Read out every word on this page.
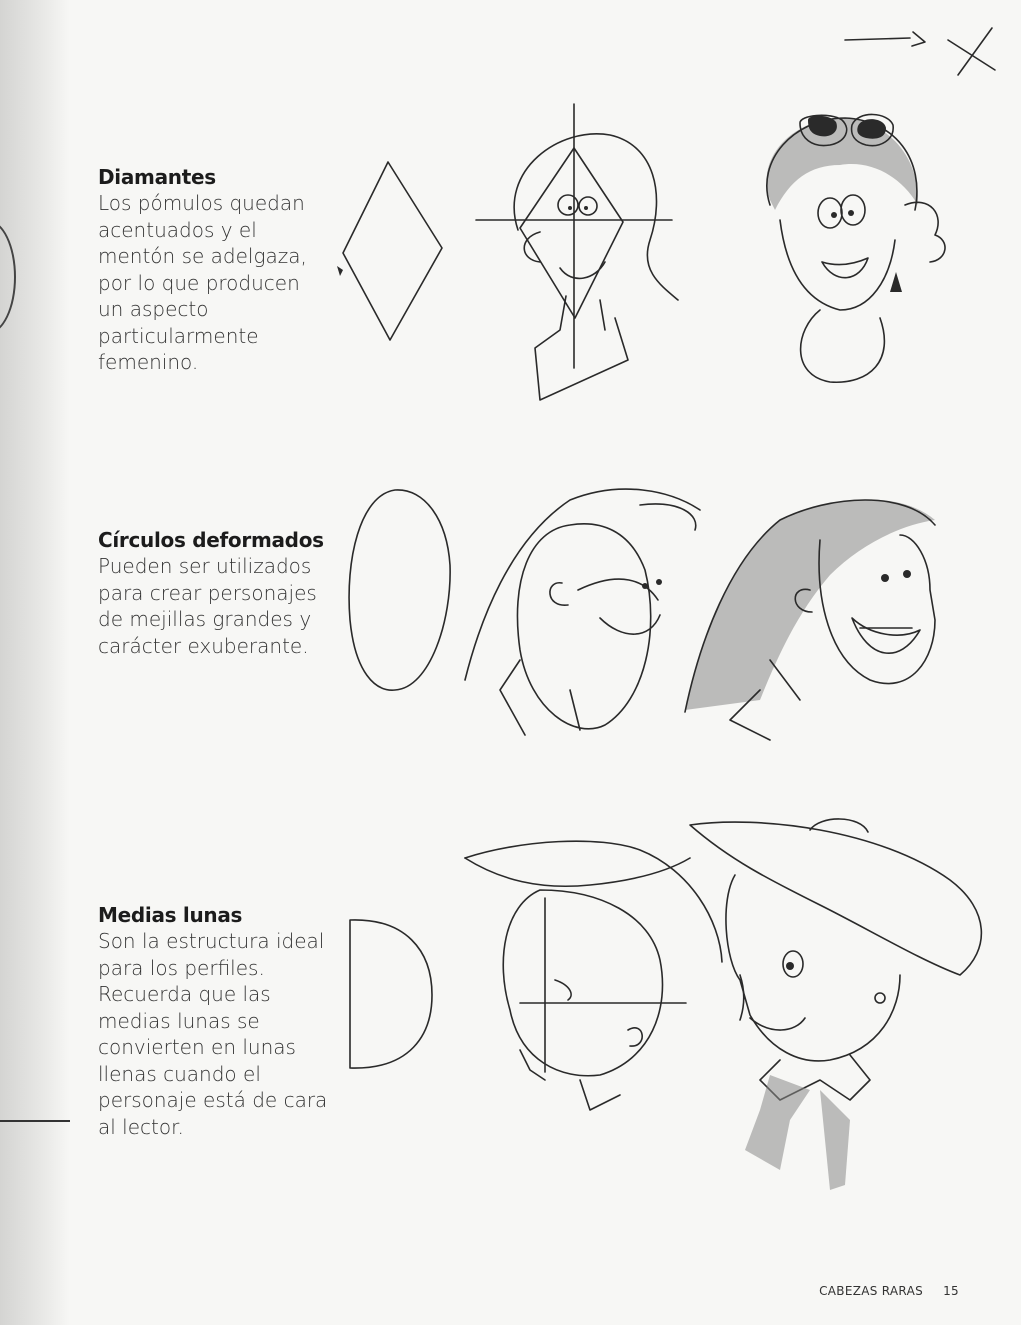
Diamantes
Los pómulos quedan acentuados y el mentón se adelgaza, por lo que producen un aspecto particularmente femenino.
Círculos deformados
Pueden ser utilizados para crear personajes de mejillas grandes y carácter exuberante.
Medias lunas
Son la estructura ideal para los perfiles. Recuerda que las medias lunas se convierten en lunas llenas cuando el personaje está de cara al lector.
CABEZAS RARAS 15
